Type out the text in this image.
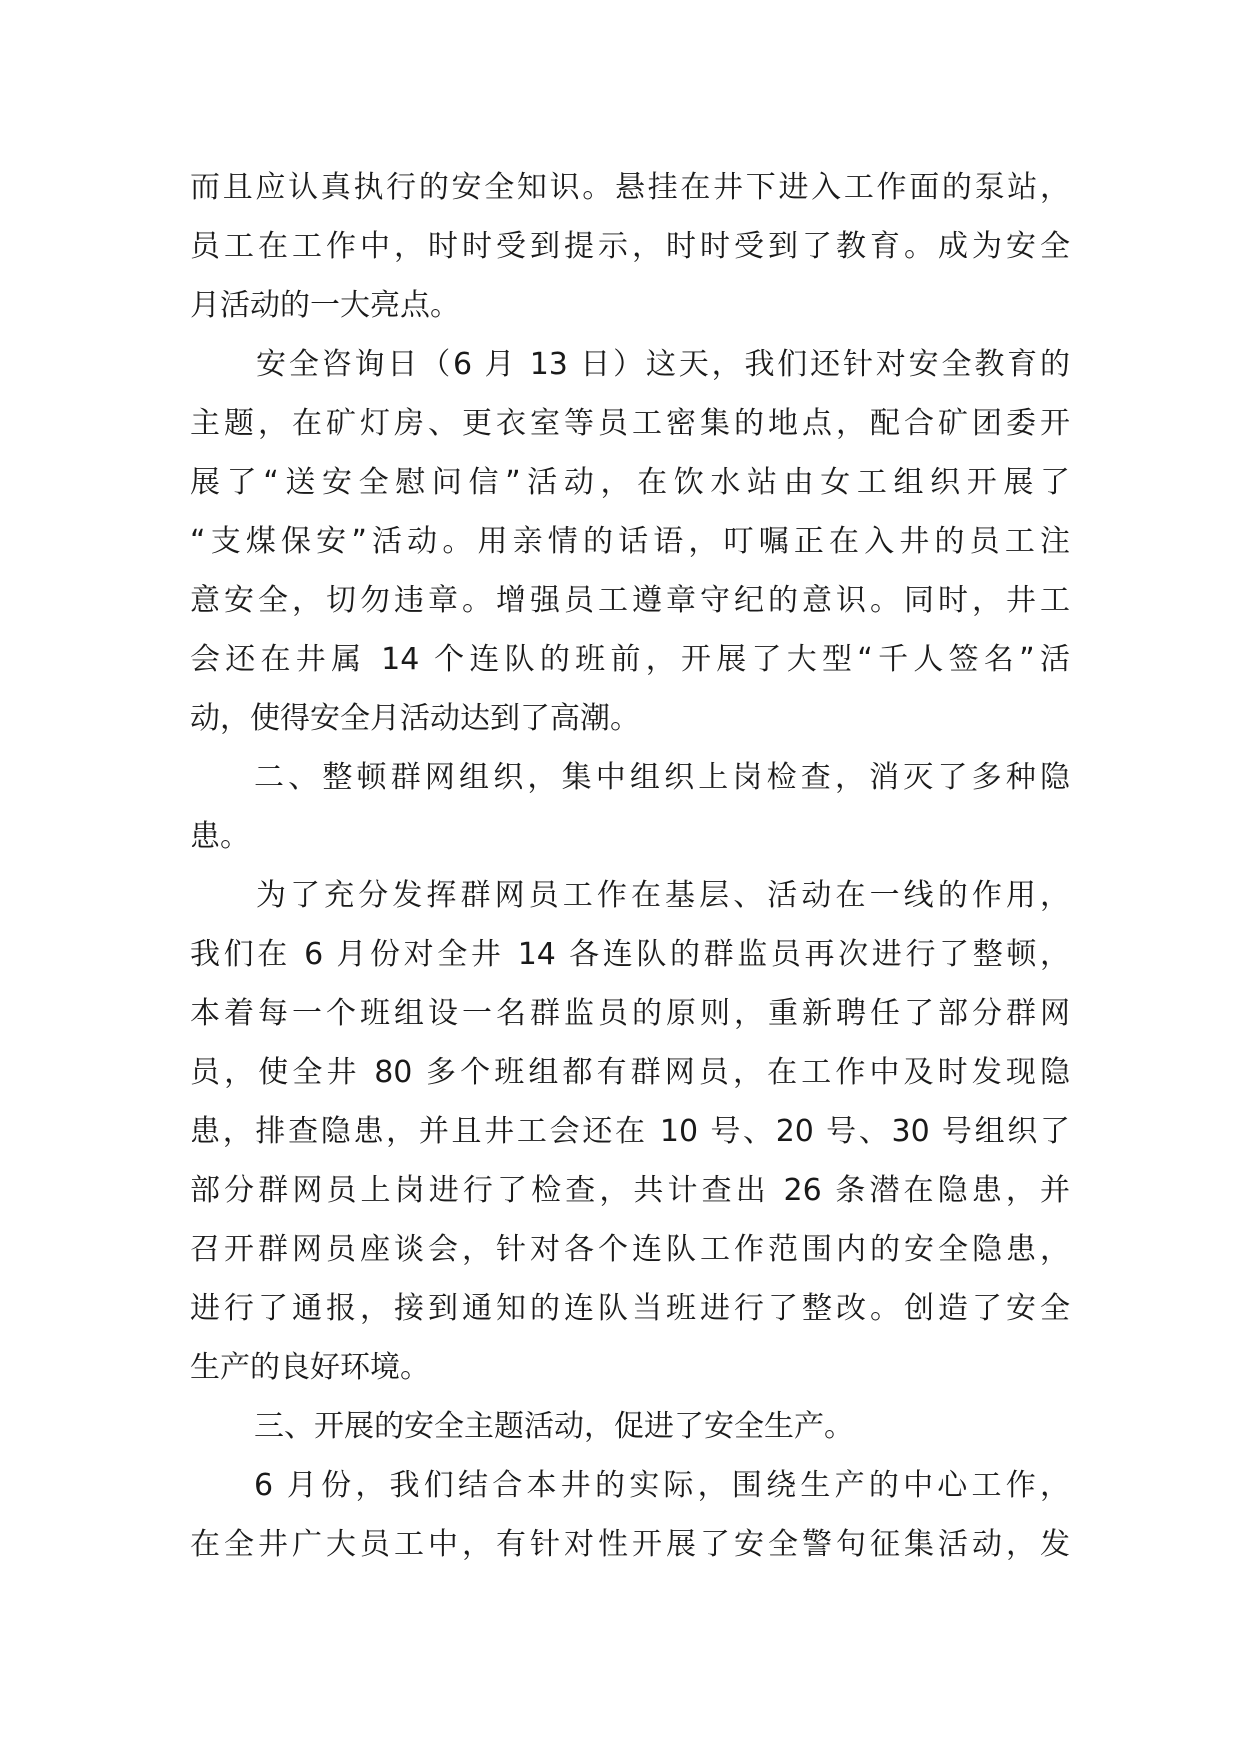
而且应认真执行的安全知识。悬挂在井下进入工作面的泵站，
员工在工作中，时时受到提示，时时受到了教育。成为安全
月活动的一大亮点。
安全咨询日（6 月 13 日）这天，我们还针对安全教育的
主题，在矿灯房、更衣室等员工密集的地点，配合矿团委开
展了“送安全慰问信”活动，在饮水站由女工组织开展了
“支煤保安”活动。用亲情的话语，叮嘱正在入井的员工注
意安全，切勿违章。增强员工遵章守纪的意识。同时，井工
会还在井属 14 个连队的班前，开展了大型“千人签名”活
动，使得安全月活动达到了高潮。
二、整顿群网组织，集中组织上岗检查，消灭了多种隐
患。
为了充分发挥群网员工作在基层、活动在一线的作用，
我们在 6 月份对全井 14 各连队的群监员再次进行了整顿，
本着每一个班组设一名群监员的原则，重新聘任了部分群网
员，使全井 80 多个班组都有群网员，在工作中及时发现隐
患，排查隐患，并且井工会还在 10 号、20 号、30 号组织了
部分群网员上岗进行了检查，共计查出 26 条潜在隐患，并
召开群网员座谈会，针对各个连队工作范围内的安全隐患，
进行了通报，接到通知的连队当班进行了整改。创造了安全
生产的良好环境。
三、开展的安全主题活动，促进了安全生产。
6 月份，我们结合本井的实际，围绕生产的中心工作，
在全井广大员工中，有针对性开展了安全警句征集活动，发
